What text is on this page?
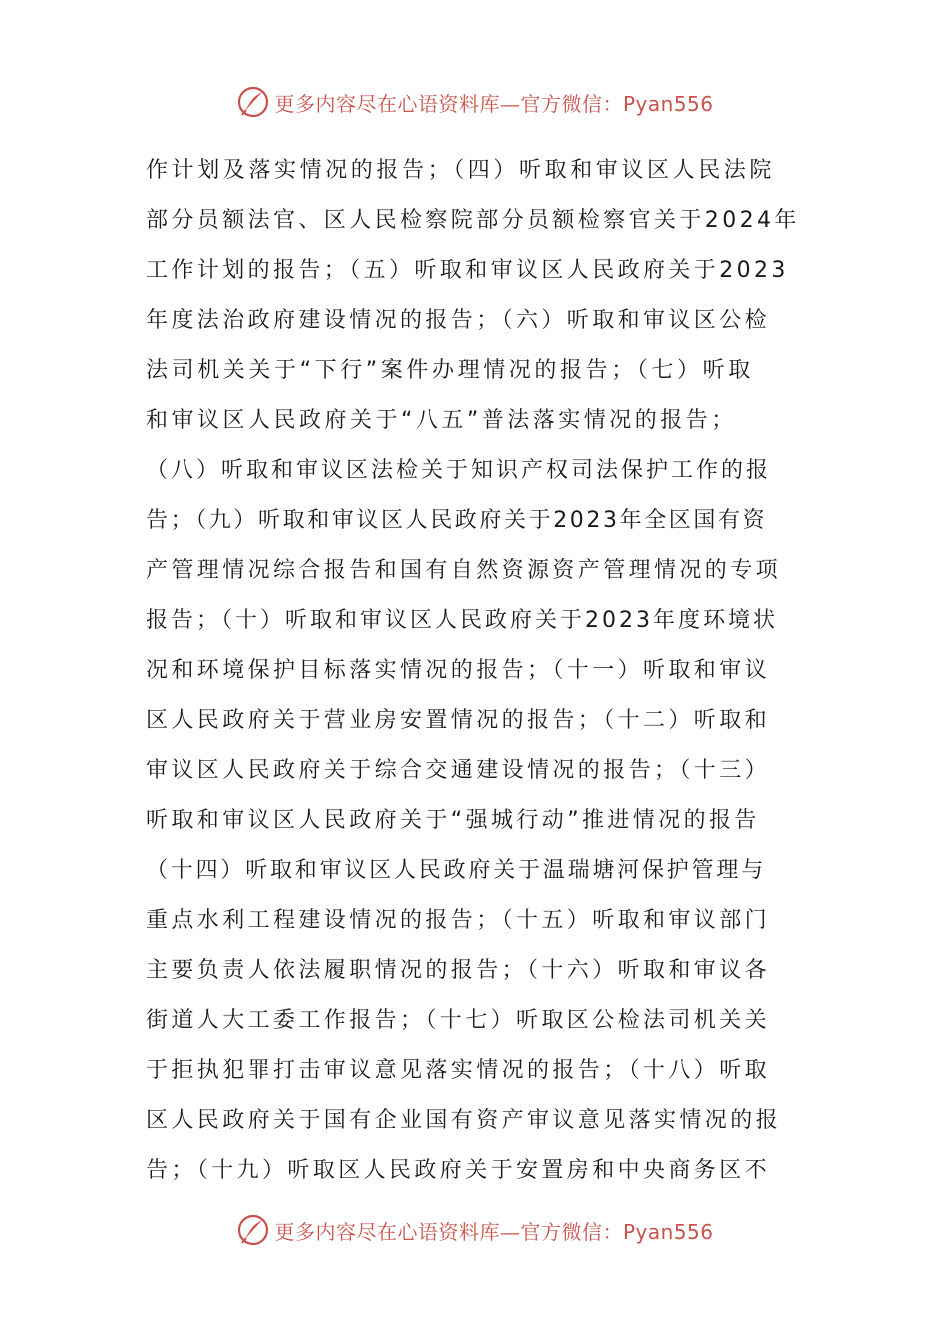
更多内容尽在心语资料库—官方微信：Pyan556
作计划及落实情况的报告；（四）听取和审议区人民法院
部分员额法官、区人民检察院部分员额检察官关于2024年
工作计划的报告；（五）听取和审议区人民政府关于2023
年度法治政府建设情况的报告；（六）听取和审议区公检
法司机关关于“下行”案件办理情况的报告；（七）听取
和审议区人民政府关于“八五”普法落实情况的报告；
（八）听取和审议区法检关于知识产权司法保护工作的报
告；（九）听取和审议区人民政府关于2023年全区国有资
产管理情况综合报告和国有自然资源资产管理情况的专项
报告；（十）听取和审议区人民政府关于2023年度环境状
况和环境保护目标落实情况的报告；（十一）听取和审议
区人民政府关于营业房安置情况的报告；（十二）听取和
审议区人民政府关于综合交通建设情况的报告；（十三）
听取和审议区人民政府关于“强城行动”推进情况的报告
（十四）听取和审议区人民政府关于温瑞塘河保护管理与
重点水利工程建设情况的报告；（十五）听取和审议部门
主要负责人依法履职情况的报告；（十六）听取和审议各
街道人大工委工作报告；（十七）听取区公检法司机关关
于拒执犯罪打击审议意见落实情况的报告；（十八）听取
区人民政府关于国有企业国有资产审议意见落实情况的报
告；（十九）听取区人民政府关于安置房和中央商务区不
更多内容尽在心语资料库—官方微信：Pyan556
